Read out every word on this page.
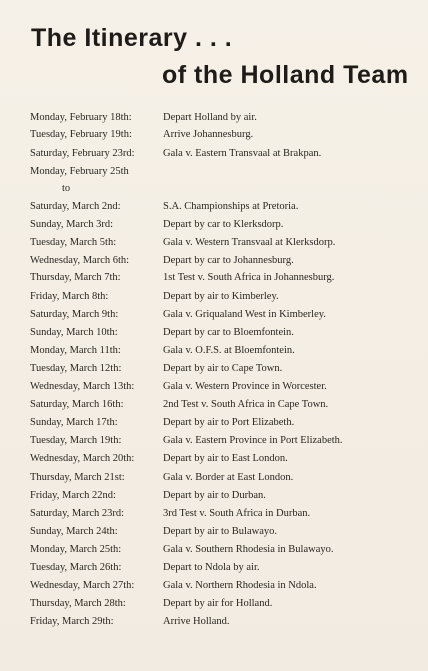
The Itinerary . . .
of the Holland Team
Monday, February 18th:	Depart Holland by air.
Tuesday, February 19th:	Arrive Johannesburg.
Saturday, February 23rd:	Gala v. Eastern Transvaal at Brakpan.
Monday, February 25th
to
Saturday, March 2nd:	S.A. Championships at Pretoria.
Sunday, March 3rd:	Depart by car to Klerksdorp.
Tuesday, March 5th:	Gala v. Western Transvaal at Klerksdorp.
Wednesday, March 6th:	Depart by car to Johannesburg.
Thursday, March 7th:	1st Test v. South Africa in Johannesburg.
Friday, March 8th:	Depart by air to Kimberley.
Saturday, March 9th:	Gala v. Griqualand West in Kimberley.
Sunday, March 10th:	Depart by car to Bloemfontein.
Monday, March 11th:	Gala v. O.F.S. at Bloemfontein.
Tuesday, March 12th:	Depart by air to Cape Town.
Wednesday, March 13th:	Gala v. Western Province in Worcester.
Saturday, March 16th:	2nd Test v. South Africa in Cape Town.
Sunday, March 17th:	Depart by air to Port Elizabeth.
Tuesday, March 19th:	Gala v. Eastern Province in Port Elizabeth.
Wednesday, March 20th:	Depart by air to East London.
Thursday, March 21st:	Gala v. Border at East London.
Friday, March 22nd:	Depart by air to Durban.
Saturday, March 23rd:	3rd Test v. South Africa in Durban.
Sunday, March 24th:	Depart by air to Bulawayo.
Monday, March 25th:	Gala v. Southern Rhodesia in Bulawayo.
Tuesday, March 26th:	Depart to Ndola by air.
Wednesday, March 27th:	Gala v. Northern Rhodesia in Ndola.
Thursday, March 28th:	Depart by air for Holland.
Friday, March 29th:	Arrive Holland.
